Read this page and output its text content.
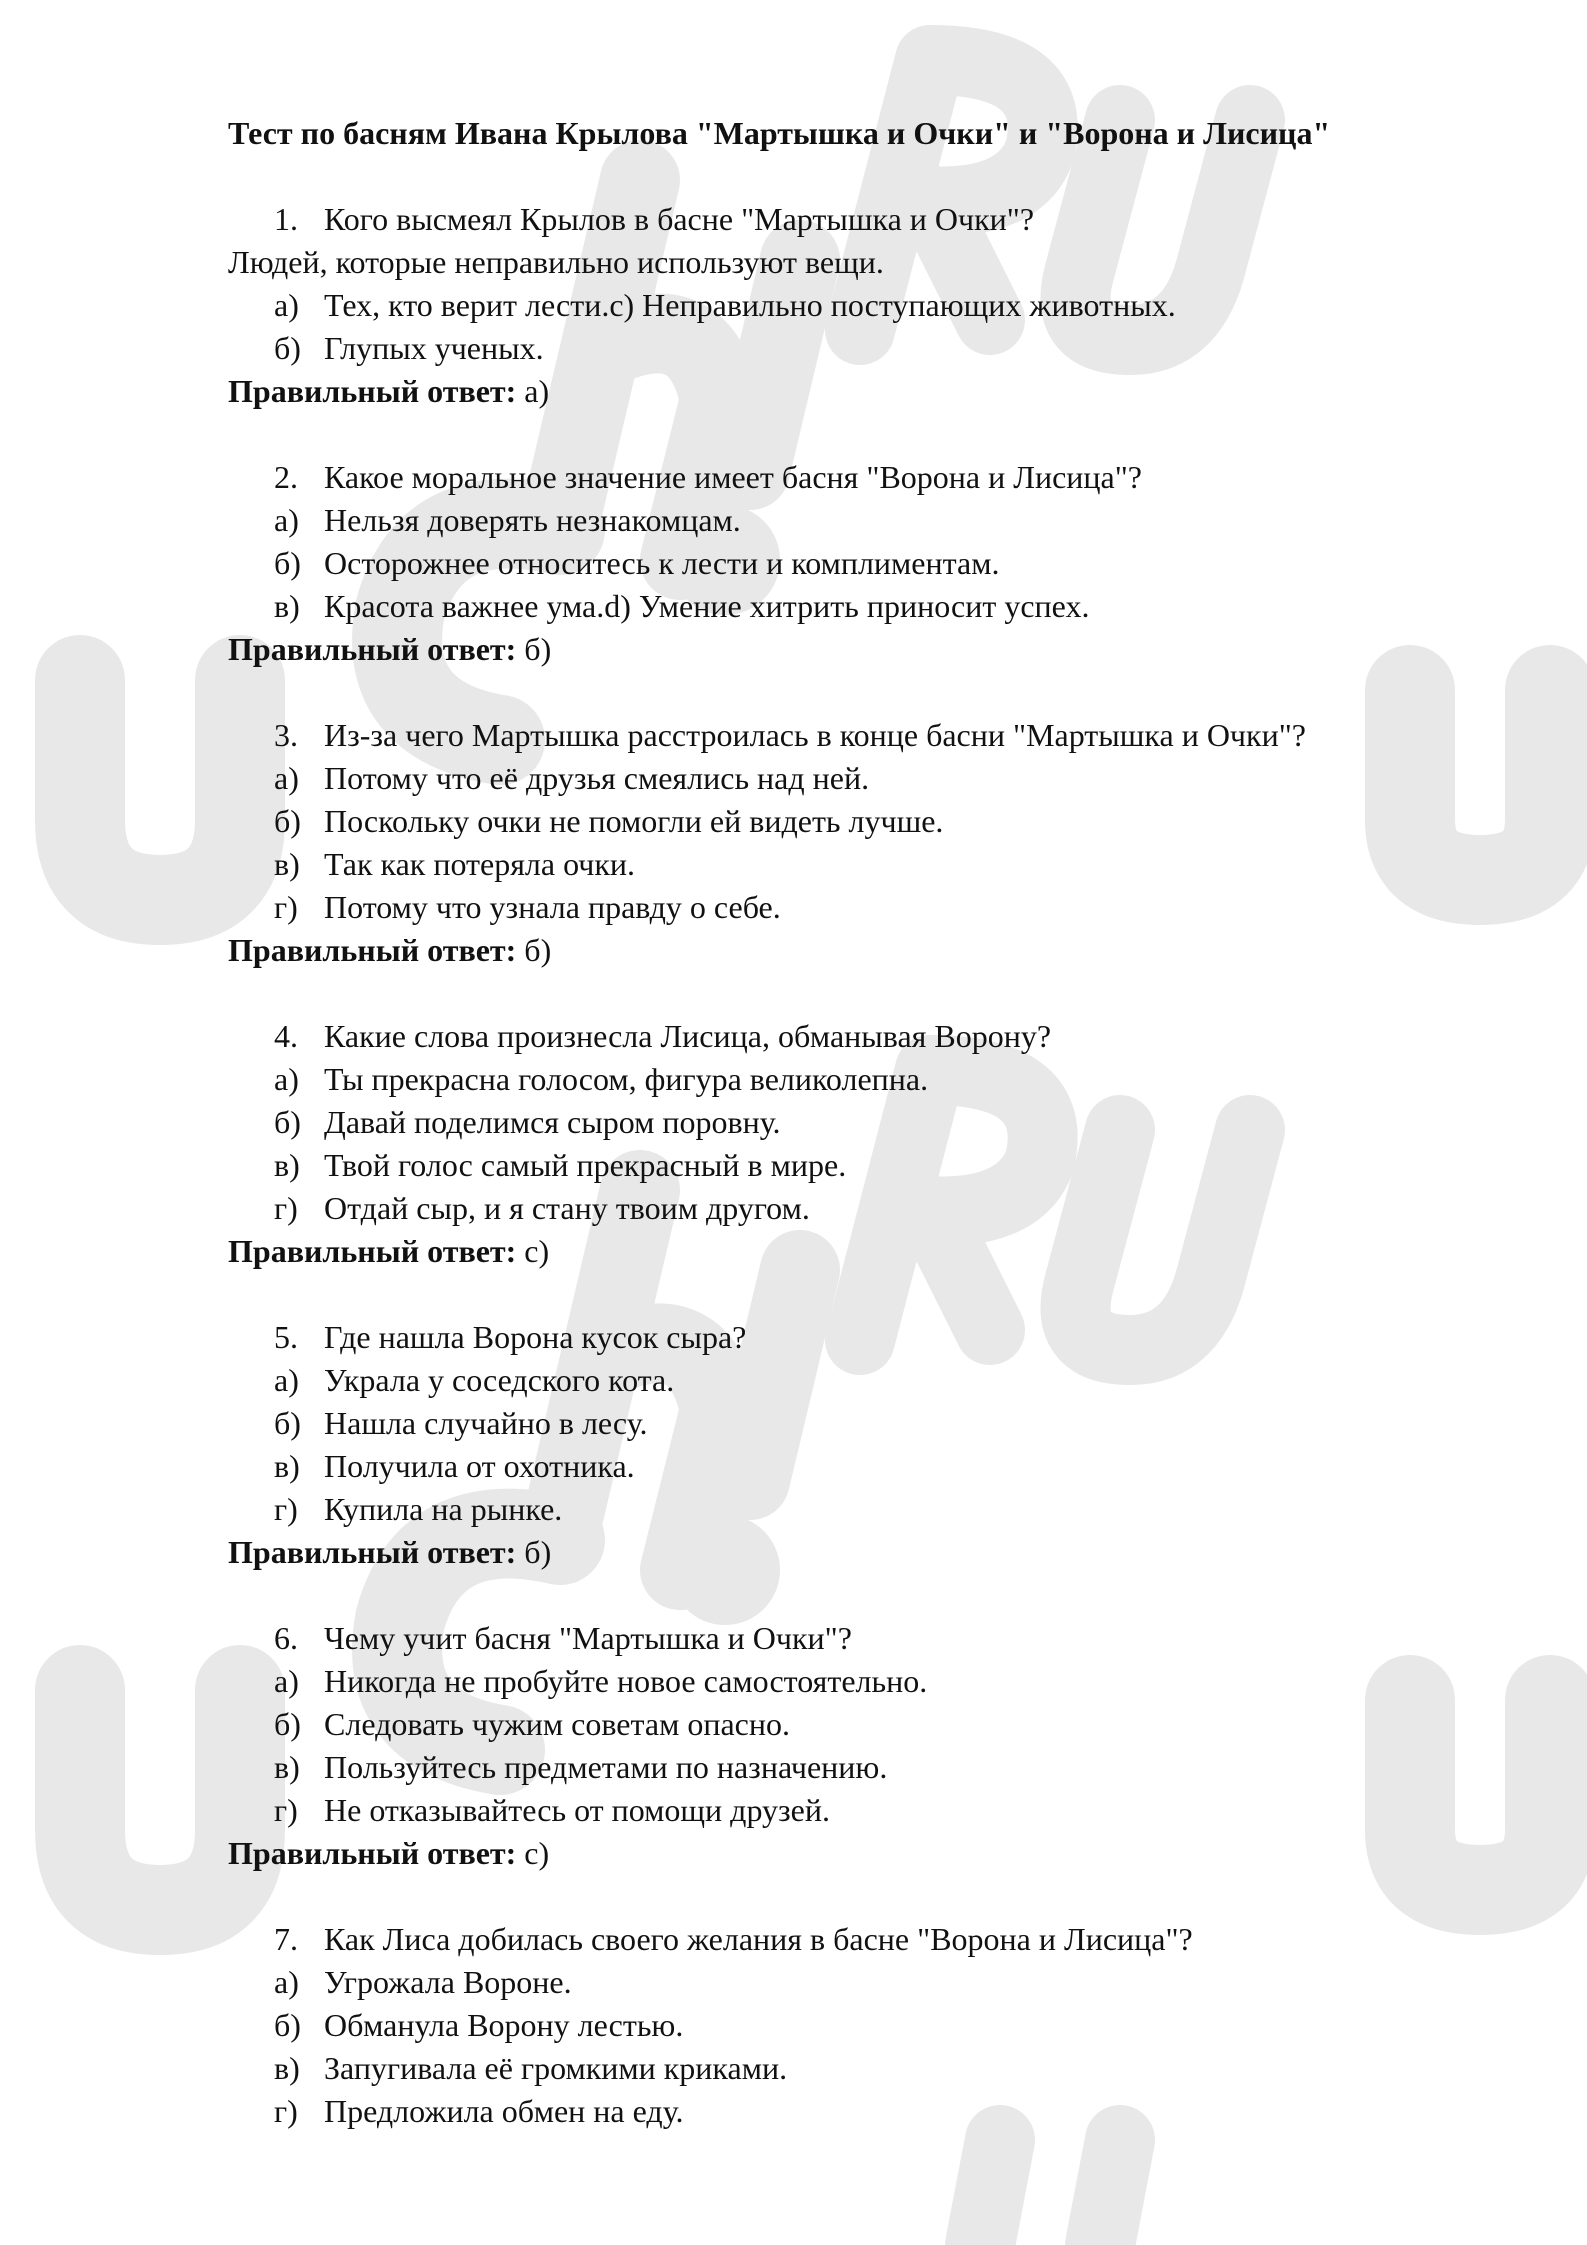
Тест по басням Ивана Крылова "Мартышка и Очки" и "Ворона и Лисица"
1. Кого высмеял Крылов в басне "Мартышка и Очки"?
Людей, которые неправильно используют вещи.
а) Тех, кто верит лести.с) Неправильно поступающих животных.
б) Глупых ученых.
Правильный ответ: а)
2. Какое моральное значение имеет басня "Ворона и Лисица"?
а) Нельзя доверять незнакомцам.
б) Осторожнее относитесь к лести и комплиментам.
в) Красота важнее ума.d) Умение хитрить приносит успех.
Правильный ответ: б)
3. Из-за чего Мартышка расстроилась в конце басни "Мартышка и Очки"?
а) Потому что её друзья смеялись над ней.
б) Поскольку очки не помогли ей видеть лучше.
в) Так как потеряла очки.
г) Потому что узнала правду о себе.
Правильный ответ: б)
4. Какие слова произнесла Лисица, обманывая Ворону?
а) Ты прекрасна голосом, фигура великолепна.
б) Давай поделимся сыром поровну.
в) Твой голос самый прекрасный в мире.
г) Отдай сыр, и я стану твоим другом.
Правильный ответ: с)
5. Где нашла Ворона кусок сыра?
а) Украла у соседского кота.
б) Нашла случайно в лесу.
в) Получила от охотника.
г) Купила на рынке.
Правильный ответ: б)
6. Чему учит басня "Мартышка и Очки"?
а) Никогда не пробуйте новое самостоятельно.
б) Следовать чужим советам опасно.
в) Пользуйтесь предметами по назначению.
г) Не отказывайтесь от помощи друзей.
Правильный ответ: с)
7. Как Лиса добилась своего желания в басне "Ворона и Лисица"?
а) Угрожала Вороне.
б) Обманула Ворону лестью.
в) Запугивала её громкими криками.
г) Предложила обмен на еду.
